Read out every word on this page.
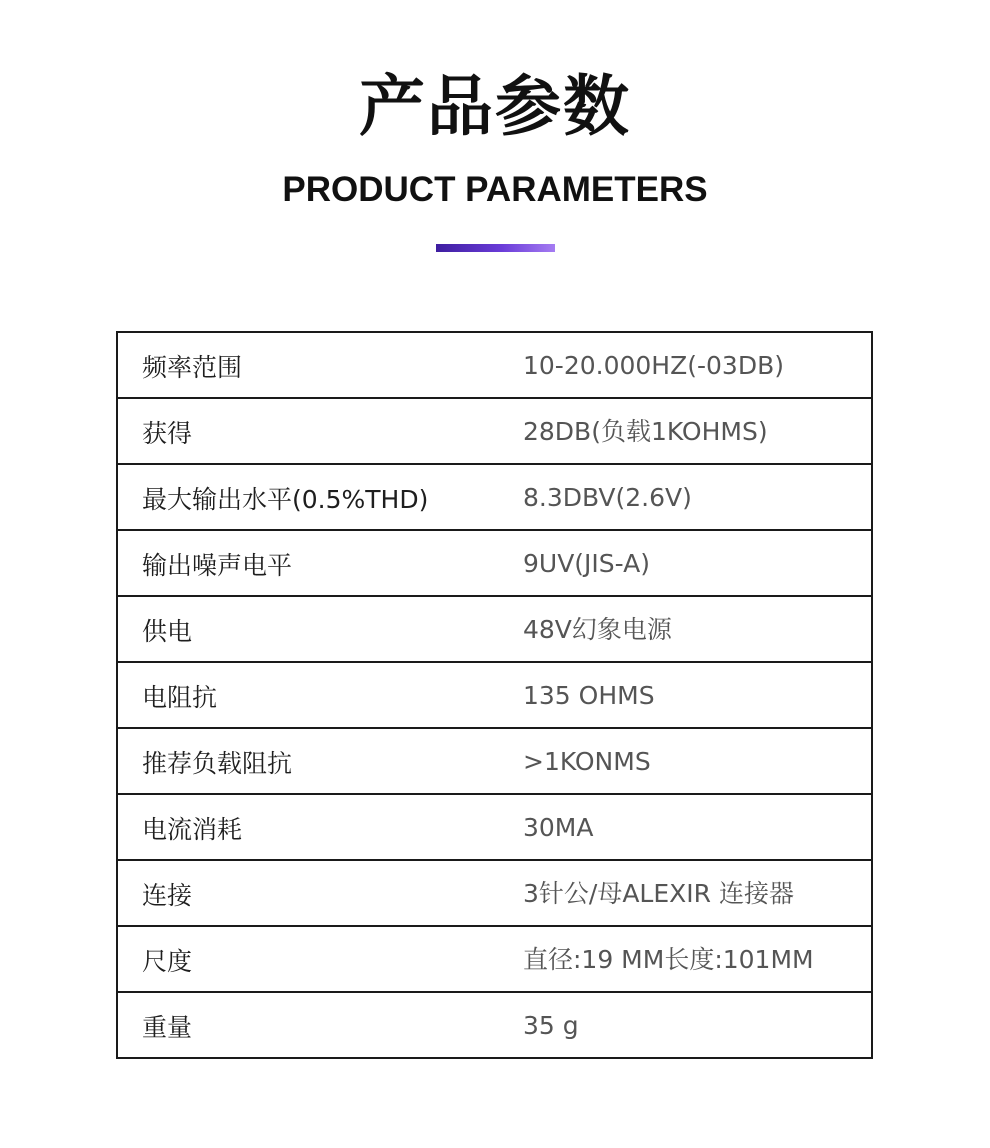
产品参数
PRODUCT PARAMETERS
频率范围	10-20.000HZ(-03DB)
获得	28DB(负载1KOHMS)
最大输出水平(0.5%THD)	8.3DBV(2.6V)
输出噪声电平	9UV(JIS-A)
供电	48V幻象电源
电阻抗	135 OHMS
推荐负载阻抗	>1KONMS
电流消耗	30MA
连接	3针公/母ALEXIR 连接器
尺度	直径:19 MM长度:101MM
重量	35 g
